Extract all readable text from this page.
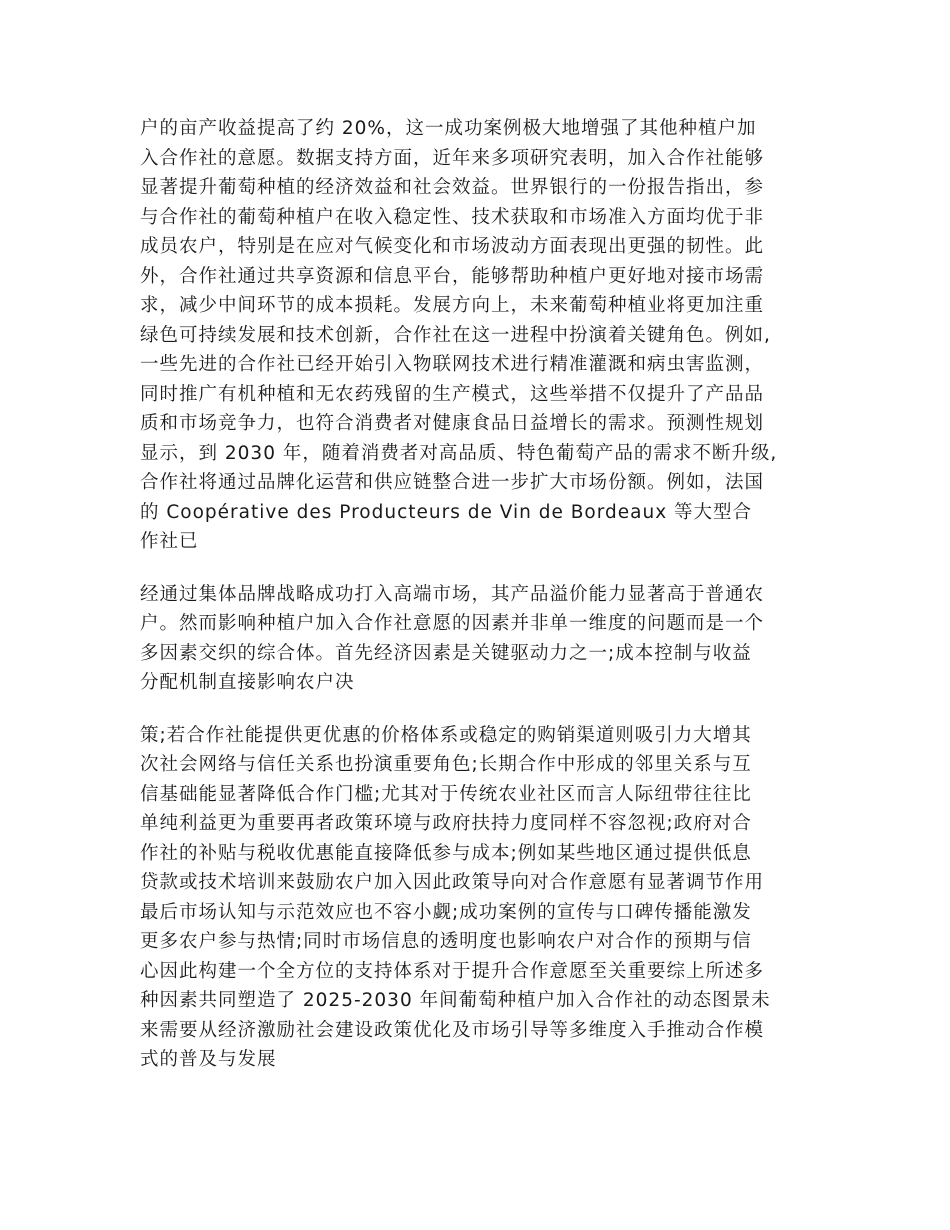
户的亩产收益提高了约 20%，这一成功案例极大地增强了其他种植户加
入合作社的意愿。数据支持方面，近年来多项研究表明，加入合作社能够
显著提升葡萄种植的经济效益和社会效益。世界银行的一份报告指出，参
与合作社的葡萄种植户在收入稳定性、技术获取和市场准入方面均优于非
成员农户，特别是在应对气候变化和市场波动方面表现出更强的韧性。此
外，合作社通过共享资源和信息平台，能够帮助种植户更好地对接市场需
求，减少中间环节的成本损耗。发展方向上，未来葡萄种植业将更加注重
绿色可持续发展和技术创新，合作社在这一进程中扮演着关键角色。例如,
一些先进的合作社已经开始引入物联网技术进行精准灌溉和病虫害监测，
同时推广有机种植和无农药残留的生产模式，这些举措不仅提升了产品品
质和市场竞争力，也符合消费者对健康食品日益增长的需求。预测性规划
显示，到 2030 年，随着消费者对高品质、特色葡萄产品的需求不断升级,
合作社将通过品牌化运营和供应链整合进一步扩大市场份额。例如，法国
的 Coopérative des Producteurs de Vin de Bordeaux 等大型合
作社已

经通过集体品牌战略成功打入高端市场，其产品溢价能力显著高于普通农
户。然而影响种植户加入合作社意愿的因素并非单一维度的问题而是一个
多因素交织的综合体。首先经济因素是关键驱动力之一;成本控制与收益
分配机制直接影响农户决

策;若合作社能提供更优惠的价格体系或稳定的购销渠道则吸引力大增其
次社会网络与信任关系也扮演重要角色;长期合作中形成的邻里关系与互
信基础能显著降低合作门槛;尤其对于传统农业社区而言人际纽带往往比
单纯利益更为重要再者政策环境与政府扶持力度同样不容忽视;政府对合
作社的补贴与税收优惠能直接降低参与成本;例如某些地区通过提供低息
贷款或技术培训来鼓励农户加入因此政策导向对合作意愿有显著调节作用
最后市场认知与示范效应也不容小觑;成功案例的宣传与口碑传播能激发
更多农户参与热情;同时市场信息的透明度也影响农户对合作的预期与信
心因此构建一个全方位的支持体系对于提升合作意愿至关重要综上所述多
种因素共同塑造了 2025-2030 年间葡萄种植户加入合作社的动态图景未
来需要从经济激励社会建设政策优化及市场引导等多维度入手推动合作模
式的普及与发展
